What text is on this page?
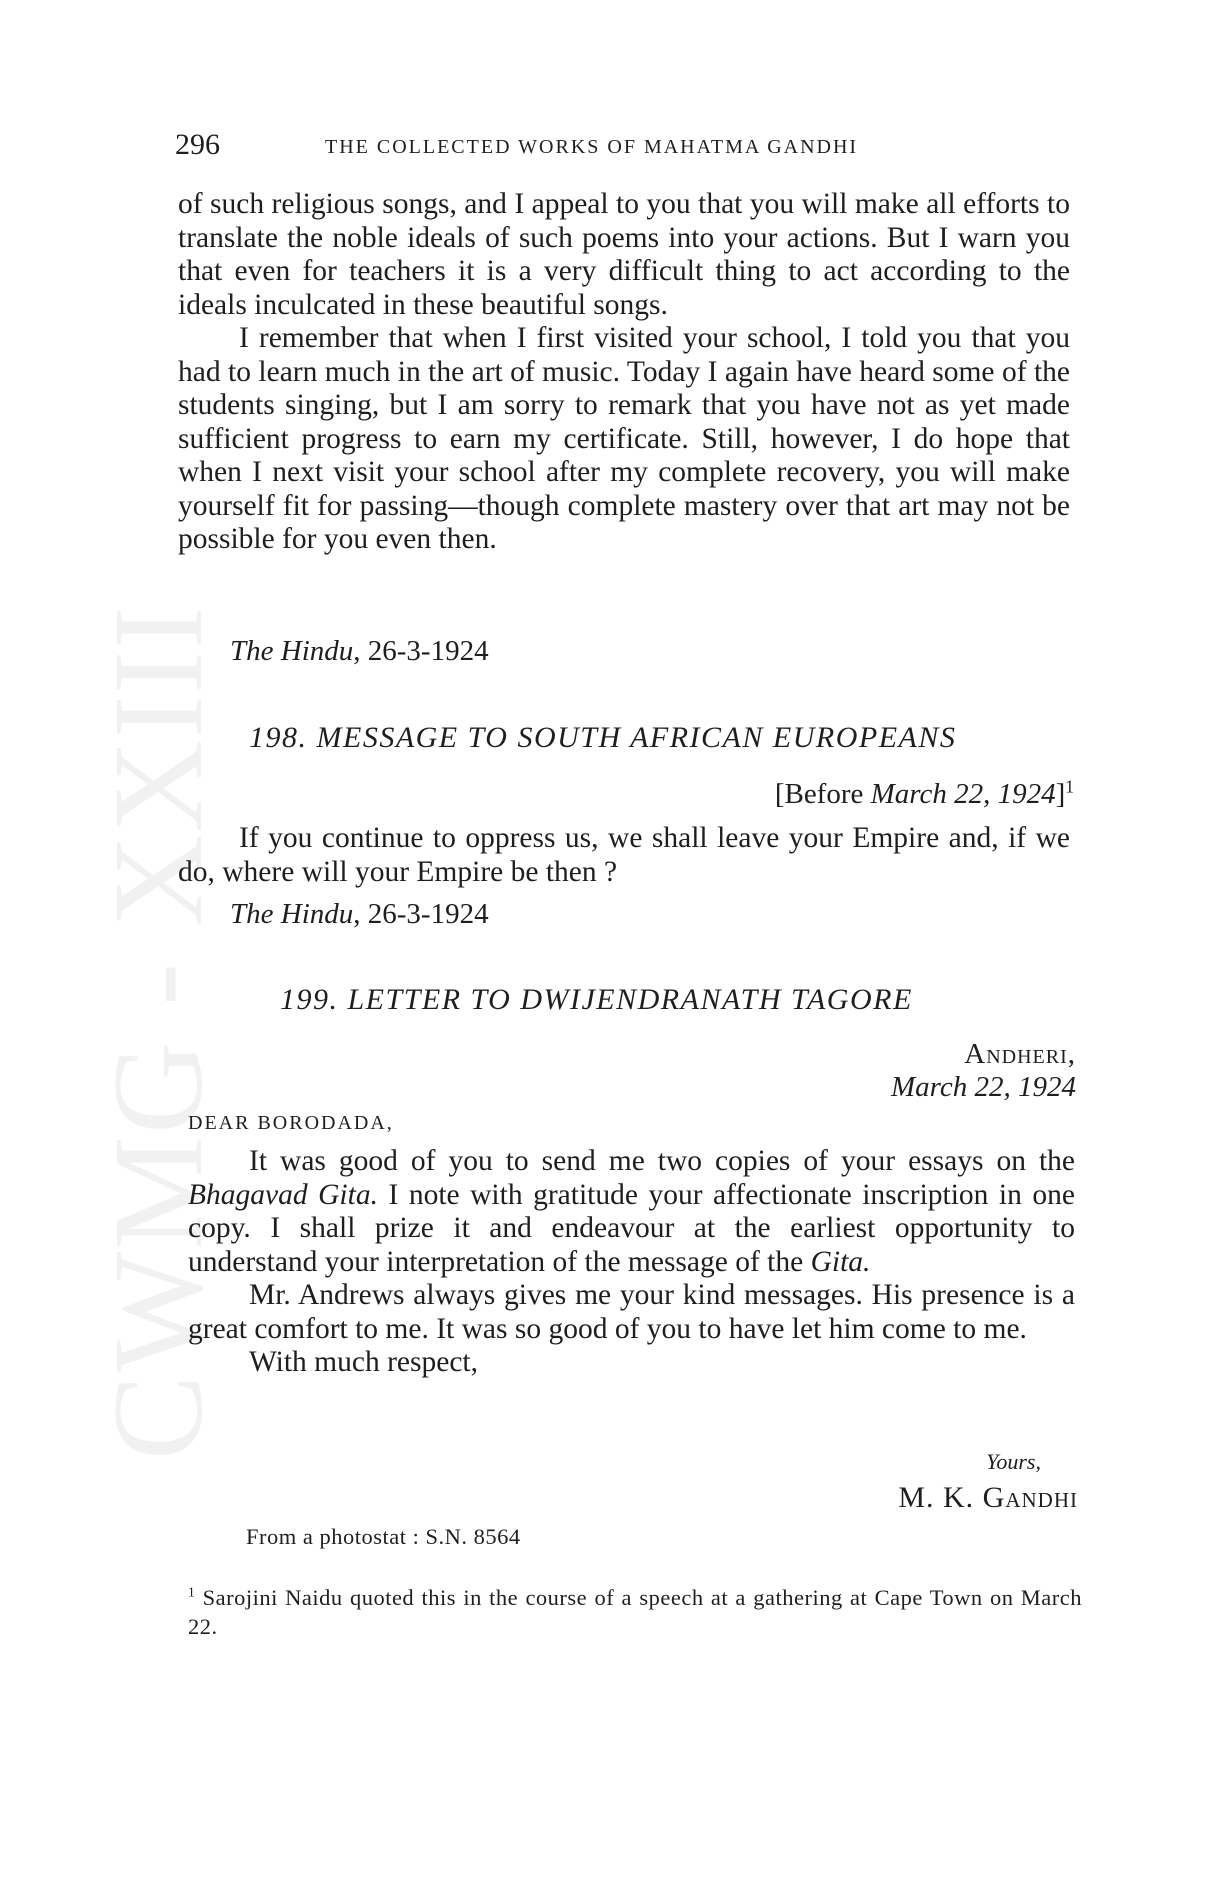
CWMG - XXIII
296	THE COLLECTED WORKS OF MAHATMA GANDHI

of such religious songs, and I appeal to you that you will make all efforts to translate the noble ideals of such poems into your actions. But I warn you that even for teachers it is a very difficult thing to act according to the ideals inculcated in these beautiful songs.

I remember that when I first visited your school, I told you that you had to learn much in the art of music. Today I again have heard some of the students singing, but I am sorry to remark that you have not as yet made sufficient progress to earn my certificate. Still, however, I do hope that when I next visit your school after my complete recovery, you will make yourself fit for passing—though complete mastery over that art may not be possible for you even then.

The Hindu, 26-3-1924
198. MESSAGE TO SOUTH AFRICAN EUROPEANS
[Before March 22, 1924]$^1$
If you continue to oppress us, we shall leave your Empire and, if we do, where will your Empire be then ?
The Hindu, 26-3-1924
199. LETTER TO DWIJENDRANATH TAGORE
Andheri,
March 22, 1924
DEAR BORODADA,

It was good of you to send me two copies of your essays on the Bhagavad Gita. I note with gratitude your affectionate inscription in one copy. I shall prize it and endeavour at the earliest opportunity to understand your interpretation of the message of the Gita.

Mr. Andrews always gives me your kind messages. His presence is a great comfort to me. It was so good of you to have let him come to me.

With much respect,

Yours,
M. K. Gandhi
From a photostat : S.N. 8564
$^1$ Sarojini Naidu quoted this in the course of a speech at a gathering at Cape Town on March 22.
